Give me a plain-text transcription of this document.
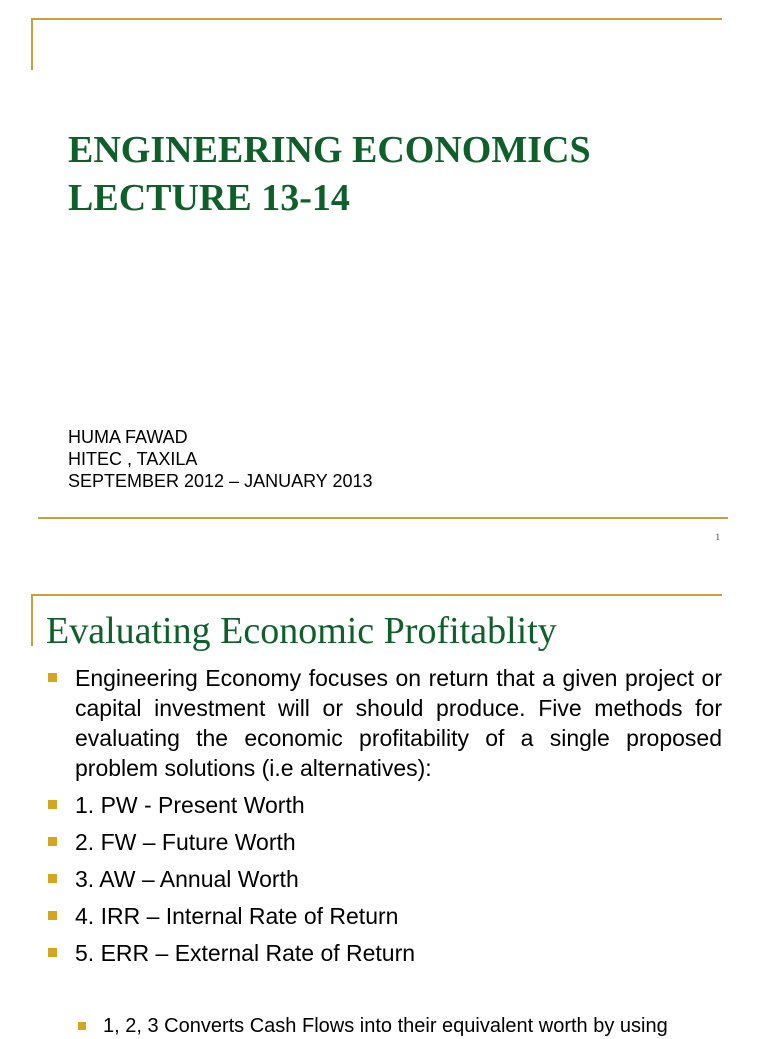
ENGINEERING ECONOMICS
LECTURE 13-14
HUMA FAWAD
HITEC , TAXILA
SEPTEMBER 2012 – JANUARY 2013
1
Evaluating Economic Profitablity
Engineering Economy focuses on return that a given project or capital investment will or should produce. Five methods for evaluating the economic profitability of a single proposed problem solutions (i.e alternatives):
1. PW - Present Worth
2. FW – Future Worth
3. AW – Annual Worth
4. IRR – Internal Rate of Return
5. ERR – External Rate of Return
1, 2, 3 Converts Cash Flows into their equivalent worth by using
